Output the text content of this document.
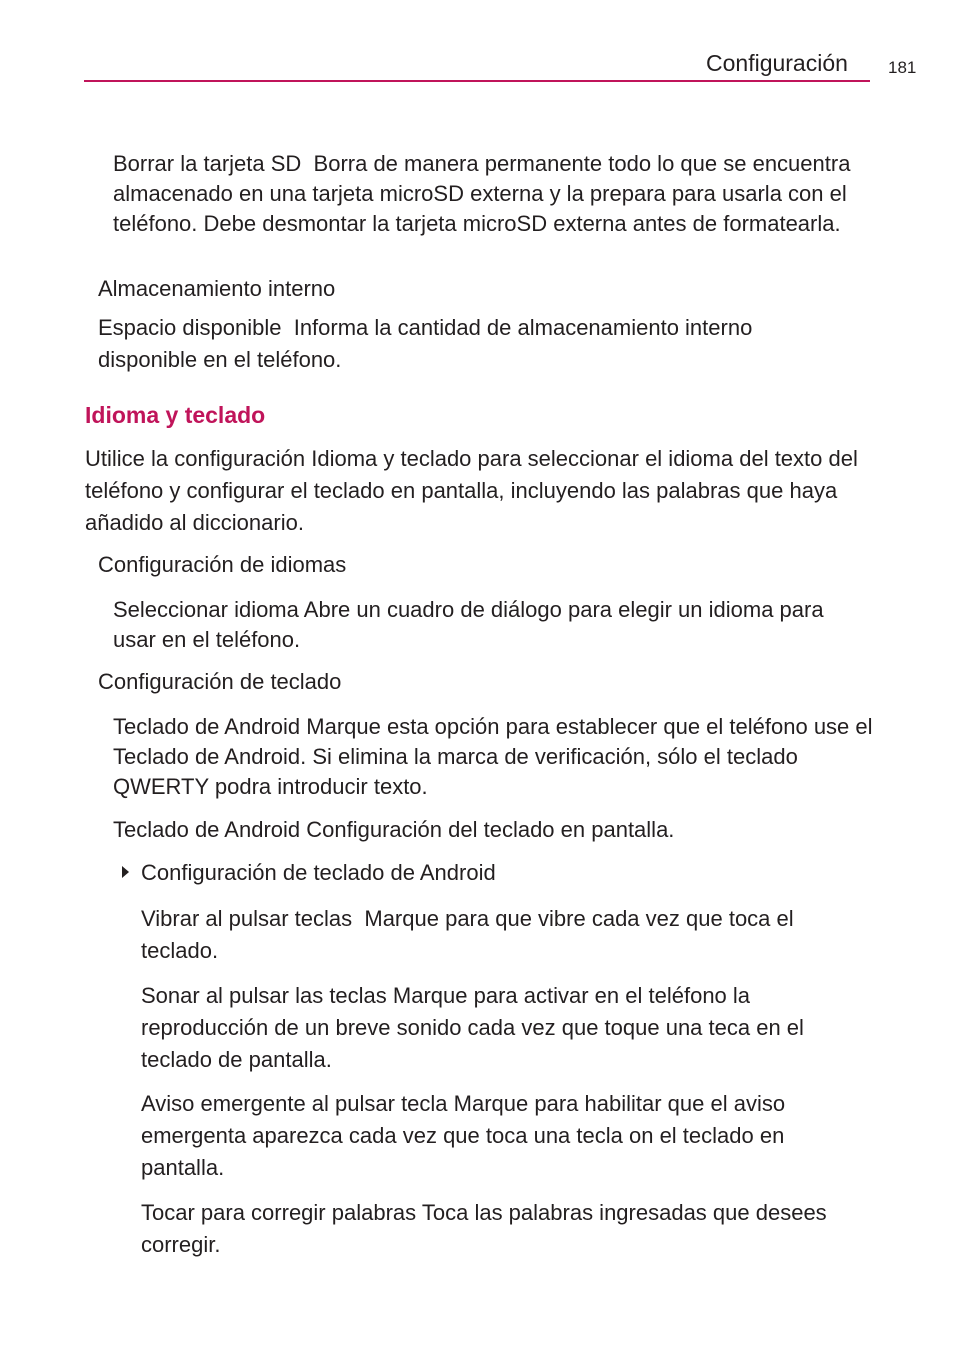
Configuración 181

Borrar la tarjeta SD Borra de manera permanente todo lo que se encuentra almacenado en una tarjeta microSD externa y la prepara para usarla con el teléfono. Debe desmontar la tarjeta microSD externa antes de formatearla.

Almacenamiento interno

Espacio disponible Informa la cantidad de almacenamiento interno disponible en el teléfono.

Idioma y teclado

Utilice la configuración Idioma y teclado para seleccionar el idioma del texto del teléfono y configurar el teclado en pantalla, incluyendo las palabras que haya añadido al diccionario.

Configuración de idiomas

Seleccionar idioma Abre un cuadro de diálogo para elegir un idioma para usar en el teléfono.

Configuración de teclado

Teclado de Android Marque esta opción para establecer que el teléfono use el Teclado de Android. Si elimina la marca de verificación, sólo el teclado QWERTY podra introducir texto.

Teclado de Android Configuración del teclado en pantalla.

Configuración de teclado de Android

Vibrar al pulsar teclas Marque para que vibre cada vez que toca el teclado.

Sonar al pulsar las teclas Marque para activar en el teléfono la reproducción de un breve sonido cada vez que toque una teca en el teclado de pantalla.

Aviso emergente al pulsar tecla Marque para habilitar que el aviso emergenta aparezca cada vez que toca una tecla on el teclado en pantalla.

Tocar para corregir palabras Toca las palabras ingresadas que desees corregir.
